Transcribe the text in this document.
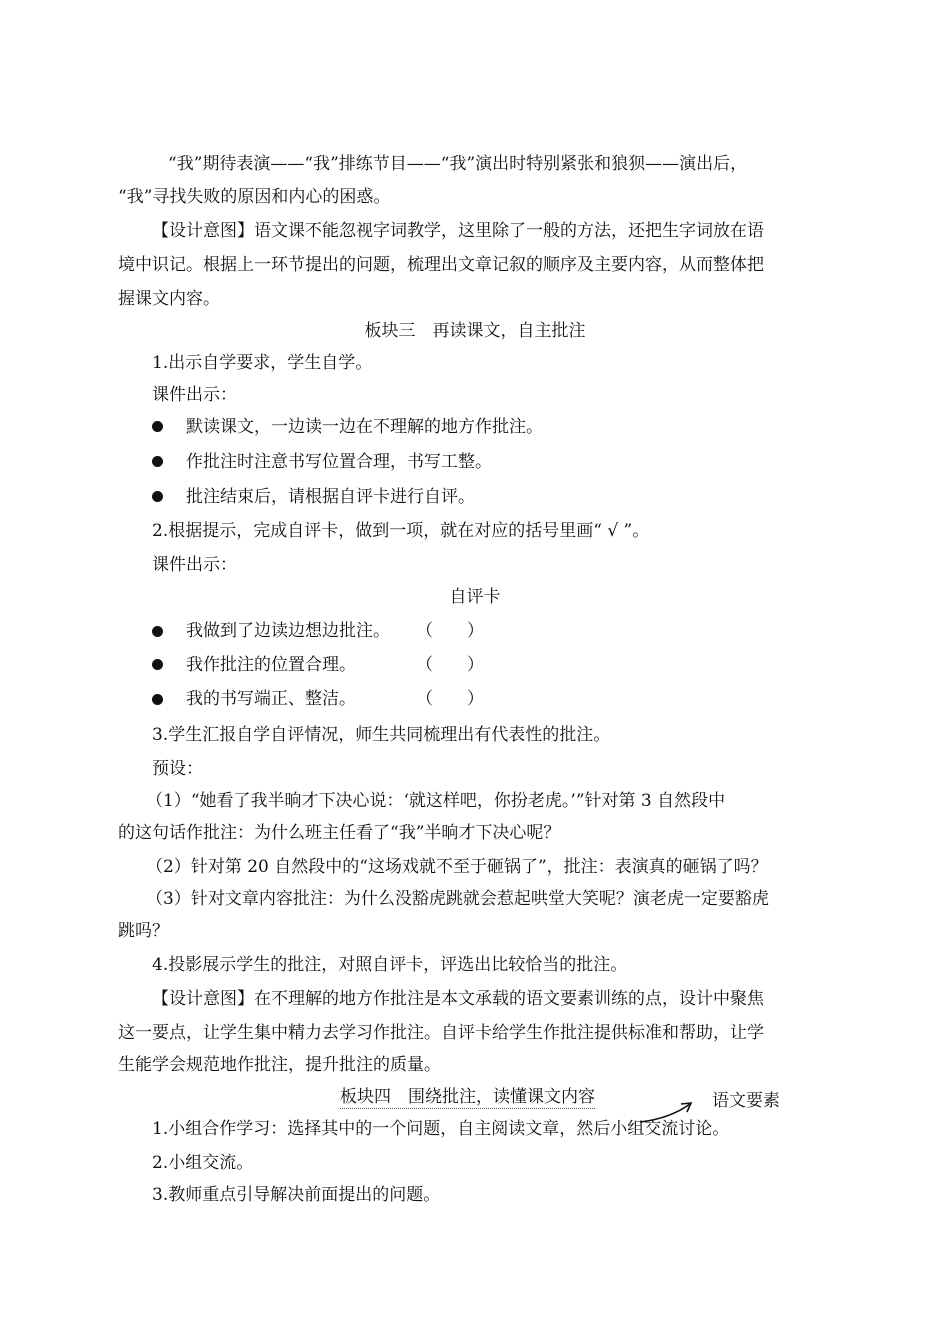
“我”期待表演——“我”排练节目——“我”演出时特别紧张和狼狈——演出后，
“我”寻找失败的原因和内心的困惑。
【设计意图】语文课不能忽视字词教学，这里除了一般的方法，还把生字词放在语
境中识记。根据上一环节提出的问题，梳理出文章记叙的顺序及主要内容，从而整体把
握课文内容。
板块三　再读课文，自主批注
1.出示自学要求，学生自学。
课件出示：
默读课文，一边读一边在不理解的地方作批注。
作批注时注意书写位置合理，书写工整。
批注结束后，请根据自评卡进行自评。
2.根据提示，完成自评卡，做到一项，就在对应的括号里画“ √ ”。
课件出示：
自评卡
我做到了边读边想边批注。 （　　）
我作批注的位置合理。	（　　）
我的书写端正、整洁。	（　　）
3.学生汇报自学自评情况，师生共同梳理出有代表性的批注。
预设：
（1）“她看了我半晌才下决心说：‘就这样吧，你扮老虎。’”针对第 3 自然段中
的这句话作批注：为什么班主任看了“我”半晌才下决心呢？
（2）针对第 20 自然段中的“这场戏就不至于砸锅了”，批注：表演真的砸锅了吗？
（3）针对文章内容批注：为什么没豁虎跳就会惹起哄堂大笑呢？演老虎一定要豁虎
跳吗？
4.投影展示学生的批注，对照自评卡，评选出比较恰当的批注。
【设计意图】在不理解的地方作批注是本文承载的语文要素训练的点，设计中聚焦
这一要点，让学生集中精力去学习作批注。自评卡给学生作批注提供标准和帮助，让学
生能学会规范地作批注，提升批注的质量。
板块四　围绕批注，读懂课文内容	语文要素
1.小组合作学习：选择其中的一个问题，自主阅读文章，然后小组交流讨论。
2.小组交流。
3.教师重点引导解决前面提出的问题。
